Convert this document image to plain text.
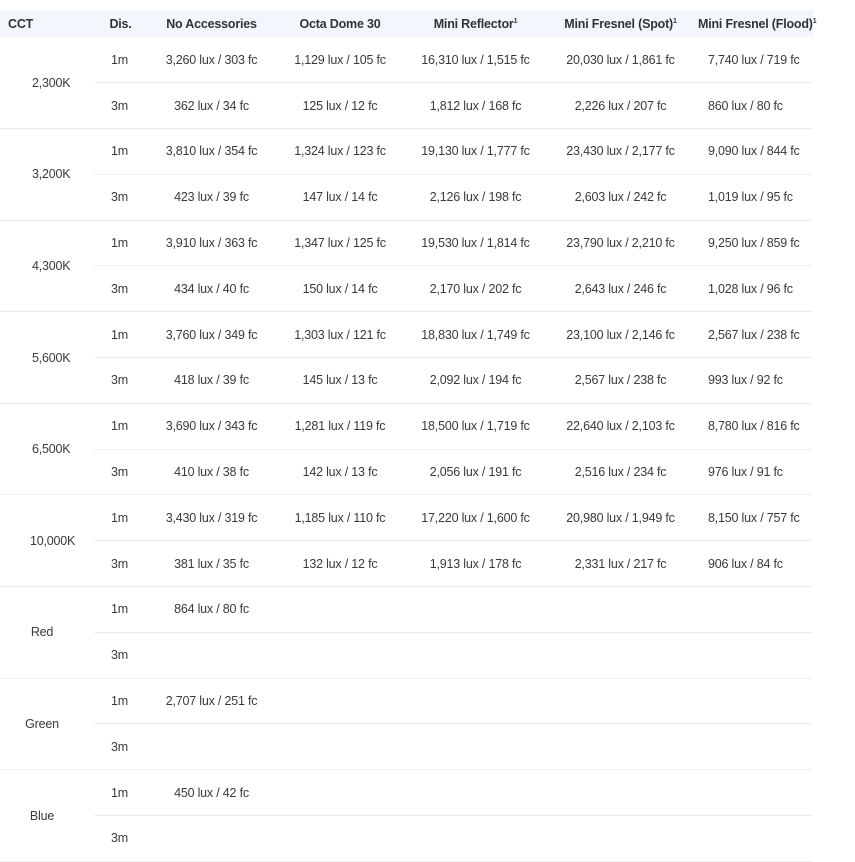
CCT	Dis.	No Accessories	Octa Dome 30	Mini Reflector$^1$	Mini Fresnel (Spot)$^1$	Mini Fresnel (Flood)$^1$
2,300K	1m	3,260 lux / 303 fc	1,129 lux / 105 fc	16,310 lux / 1,515 fc	20,030 lux / 1,861 fc	7,740 lux / 719 fc
	3m	362 lux / 34 fc	125 lux / 12 fc	1,812 lux / 168 fc	2,226 lux / 207 fc	860 lux / 80 fc
3,200K	1m	3,810 lux / 354 fc	1,324 lux / 123 fc	19,130 lux / 1,777 fc	23,430 lux / 2,177 fc	9,090 lux / 844 fc
	3m	423 lux / 39 fc	147 lux / 14 fc	2,126 lux / 198 fc	2,603 lux / 242 fc	1,019 lux / 95 fc
4,300K	1m	3,910 lux / 363 fc	1,347 lux / 125 fc	19,530 lux / 1,814 fc	23,790 lux / 2,210 fc	9,250 lux / 859 fc
	3m	434 lux / 40 fc	150 lux / 14 fc	2,170 lux / 202 fc	2,643 lux / 246 fc	1,028 lux / 96 fc
5,600K	1m	3,760 lux / 349 fc	1,303 lux / 121 fc	18,830 lux / 1,749 fc	23,100 lux / 2,146 fc	2,567 lux / 238 fc
	3m	418 lux / 39 fc	145 lux / 13 fc	2,092 lux / 194 fc	2,567 lux / 238 fc	993 lux / 92 fc
6,500K	1m	3,690 lux / 343 fc	1,281 lux / 119 fc	18,500 lux / 1,719 fc	22,640 lux / 2,103 fc	8,780 lux / 816 fc
	3m	410 lux / 38 fc	142 lux / 13 fc	2,056 lux / 191 fc	2,516 lux / 234 fc	976 lux / 91 fc
10,000K	1m	3,430 lux / 319 fc	1,185 lux / 110 fc	17,220 lux / 1,600 fc	20,980 lux / 1,949 fc	8,150 lux / 757 fc
	3m	381 lux / 35 fc	132 lux / 12 fc	1,913 lux / 178 fc	2,331 lux / 217 fc	906 lux / 84 fc
Red	1m	864 lux / 80 fc				
	3m					
Green	1m	2,707 lux / 251 fc				
	3m					
Blue	1m	450 lux / 42 fc				
	3m					
